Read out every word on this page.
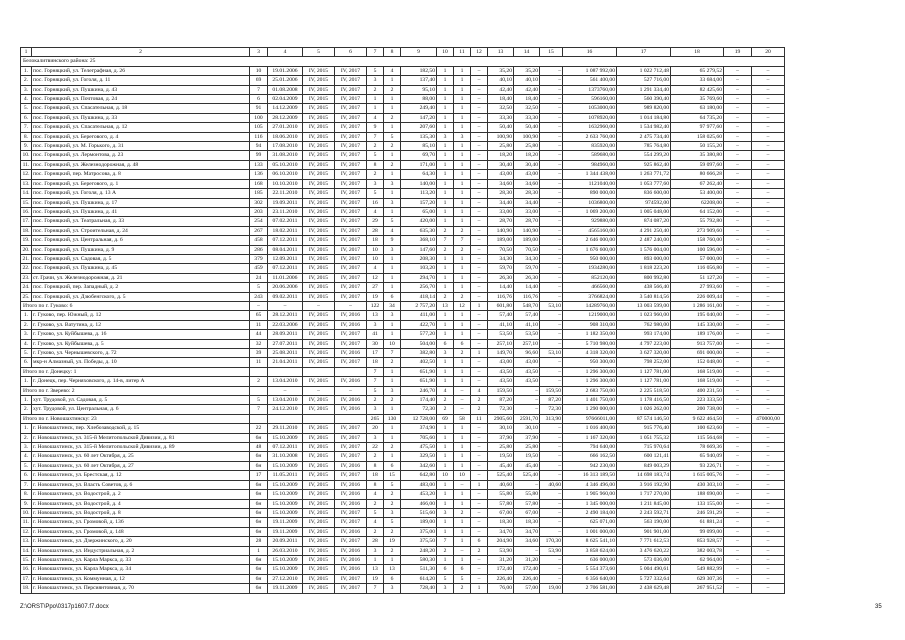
1	2	3	4	5	6	7	8	9	10	11	12	13	14	15	16	17	18	19	20
Белокалитвинского района: 25																			
1.	пос. Горняцкий, ул. Телеграфная, д. 26	10	19.01.2006	IV, 2015	IV, 2017	5	4	182,50	1	1	–	35,20	35,20	–	1 087 992,00	1 022 712,48	65 279,52	–	–
2.	пос. Горняцкий, ул. Гоголя, д. 11	69	25.01.2006	IV, 2015	IV, 2017	3	1	137,40	1	1	–	40,10	40,10	–	561 400,00	527 716,00	33 684,00	–	–
3.	пос. Горняцкий, ул. Пушкина, д. 43	7	01.08.2008	IV, 2015	IV, 2017	2	2	95,10	1	1	–	42,40	42,40	–	1373760,00	1 291 334,40	82 425,60	–	–
4.	пос. Горняцкий, ул. Почтовая, д. 24	6	02.04.2009	IV, 2015	IV, 2017	1	1	88,00	1	1	–	18,40	18,40	–	596160,00	560 390,40	35 769,60	–	–
5.	пос. Горняцкий, ул. Спасательная, д. 18	91	14.12.2009	IV, 2015	IV, 2017	1	1	249,40	1	1	–	32,50	32,50	–	1053000,00	989 820,00	63 180,00	–	–
6.	пос. Горняцкий, ул. Пушкина, д. 33	100	28.12.2009	IV, 2015	IV, 2017	4	2	147,20	1	1	–	33,30	33,30	–	1078920,00	1 014 184,80	64 735,20	–	–
7.	пос. Горняцкий, ул. Спасательная, д. 12	105	27.01.2010	IV, 2015	IV, 2017	9	1	207,60	1	1	–	50,40	50,40	–	1632960,00	1 534 982,40	97 977,60	–	–
8.	пос. Горняцкий, ул. Берегового, д. 4	116	18.06.2010	IV, 2015	IV, 2017	7	5	135,30	3	3	–	100,90	100,90	–	2 633 760,00	2 475 734,40	158 025,60	–	–
9.	пос. Горняцкий, ул. М. Горького, д. 31	94	17.08.2010	IV, 2015	IV, 2017	2	2	85,10	1	1	–	25,80	25,80	–	835920,00	785 764,80	50 155,20	–	–
10.	пос. Горняцкий, ул. Лермонтова, д. 23	99	31.08.2010	IV, 2015	IV, 2017	5	1	69,70	1	1	–	18,20	18,20	–	589680,00	554 299,20	35 380,80	–	–
11.	пос. Горняцкий, ул. Железнодорожная, д. 48	133	05.10.2010	IV, 2015	IV, 2017	8	2	171,00	1	1	–	30,40	30,40	–	984960,00	925 862,40	59 097,60	–	–
12.	пос. Горняцкий, пер. Матросова, д. 8	136	06.10.2010	IV, 2015	IV, 2017	2	1	64,30	1	1	–	43,00	43,00	–	1 344 438,00	1 263 771,72	80 666,28	–	–
13.	пос. Горняцкий, ул. Берегового, д. 1	168	10.10.2010	IV, 2015	IV, 2017	3	3	140,00	1	1	–	34,60	34,60	–	1121040,00	1 053 777,60	67 262,40	–	–
14.	пос. Горняцкий, ул. Гоголя, д. 13 А	185	22.11.2010	IV, 2015	IV, 2017	5	1	113,20	1	1	–	28,30	28,30	–	890 000,00	836 600,00	53 400,00	–	–
15.	пос. Горняцкий, ул. Пушкина, д. 17	302	19.09.2011	IV, 2015	IV, 2017	16	3	157,20	1	1	–	34,40	34,40	–	1036800,00	974592,00	62208,00	–	–
16.	пос. Горняцкий, ул. Пушкина, д. 41	203	23.11.2010	IV, 2015	IV, 2017	4	1	65,00	1	1	–	33,00	33,00	–	1 069 200,00	1 005 048,00	64 152,00	–	–
17.	пос. Горняцкий, ул. Театральная, д. 33	254	07.02.2011	IV, 2015	IV, 2017	29	5	420,00	1	1	–	28,70	28,70	–	929880,00	874 087,20	55 792,80	–	–
18.	пос. Горняцкий, ул. Строительная, д. 24	267	18.02.2011	IV, 2015	IV, 2017	28	4	635,30	2	2	–	140,90	140,90	–	4565160,00	4 291 250,40	273 909,60	–	–
19.	пос. Горняцкий, ул. Центральная, д. 6	458	07.12.2011	IV, 2015	IV, 2017	18	9	368,10	7	7	–	189,00	189,00	–	2 646 000,00	2 487 240,00	158 760,00	–	–
20.	пос. Горняцкий, ул. Пушкина, д. 9	286	08.04.2011	IV, 2015	IV, 2017	10	3	147,60	2	2	–	70,50	70,50	–	1 676 600,00	1 576 004,00	100 596,00	–	–
21.	пос. Горняцкий, ул. Садовая, д. 5	379	12.09.2011	IV, 2015	IV, 2017	10	1	208,30	1	1	–	34,30	34,30	–	950 000,00	893 000,00	57 000,00	–	–
22.	пос. Горняцкий, ул. Пушкина, д. 45	459	07.12.2011	IV, 2015	IV, 2017	4	1	103,20	1	1	–	59,70	59,70	–	1934280,00	1 818 223,20	116 056,80	–	–
23.	ст. Грачи, ул. Железнодорожная, д. 21	24	11.01.2006	IV, 2015	IV, 2017	12	1	294,70	1	1	–	26,30	26,30	–	852120,00	800 992,80	51 127,20	–	–
24.	пос. Горняцкий, пер. Западный, д. 2	5	20.06.2006	IV, 2015	IV, 2017	27	1	256,70	1	1	–	14,40	14,40	–	466560,00	438 566,40	27 993,60	–	–
25.	пос. Горняцкий, ул. Дзюбенгского, д. 5	243	09.02.2011	IV, 2015	IV, 2017	19	6	418,14	2	2	–	116,76	116,76	–	3766824,00	3 540 814,56	226 009,44	–	–
Итого по г. Гуково: 6		–	–	–	–	122	34	2 757,20	13	12	1	601,80	548,70	53,10	14289760,00	13 003 599,00	1 286 161,00	–	–
1.	г. Гуково, пер. Южный, д. 12	65	28.12.2011	IV, 2015	IV, 2016	13	3	411,00	1	1	–	57,40	57,40	–	1219000,00	1 023 960,00	195 040,00	–	–
2.	г. Гуково, ул. Ватутина, д. 12	11	22.03.2006	IV, 2015	IV, 2016	3	1	422,70	1	1	–	41,10	41,10	–	908 310,00	762 980,00	145 330,00	–	–
3.	г. Гуково, ул. Куйбышева, д. 16	44	28.09.2011	IV, 2015	IV, 2017	41	1	577,20	1	1	–	53,50	53,50	–	1 182 350,00	993 174,00	189 176,00	–	–
4.	г. Гуково, ул. Куйбышева, д. 5	32	27.07.2011	IV, 2015	IV, 2017	30	10	504,00	6	6	–	257,10	257,10	–	5 710 980,00	4 797 223,00	913 757,00	–	–
5.	г. Гуково, ул. Чернышевского, д. 72	39	25.08.2011	IV, 2015	IV, 2016	17	7	382,80	3	2	1	149,70	96,60	53,10	4 318 320,00	3 627 320,00	691 000,00	–	–
6.	мкр-н Алмазный, ул. Победы, д. 10	11	21.04.2011	IV, 2015	IV, 2017	18	2	402,50	1	1	–	43,00	43,00	–	950 300,00	798 252,00	152 048,00	–	–
Итого по г. Донецку: 1						7	1	651,90	1	1	–	43,50	43,50	–	1 296 300,00	1 127 781,00	168 519,00	–	–
1.	г. Донецк, пер. Черняховского, д. 14-в, литер А	2	13.04.2010	IV, 2015	IV, 2016	7	1	651,90	1	1	–	43,50	43,50	–	1 296 300,00	1 127 781,00	168 519,00	–	–
Итого по г. Зверево: 2			–	–	–	5	3	246,70	4	–	4	159,50	–	159,50	2 683 750,00	2 225 518,50	400 231,50	–	–
1.	хут. Трудовой, ул. Садовая, д. 5	5	13.04.2010	IV, 2015	IV, 2016	2	2	174,40	2	–	2	87,20	–	87,20	1 401 750,00	1 178 416,50	223 333,50	–	–
2.	хут. Трудовой, ул. Центральная, д. 6	7	24.12.2010	IV, 2015	IV, 2016	3	1	72,30	2	–	2	72,30	–	72,30	1 290 000,00	1 026 262,00	200 738,00	–	–
Итого по г. Новошахтинску: 23						265	130	12 728,00	69	58	11	2905,60	2591,70	313,90	97666011,00	87 574 146,50	9 622 464,50	–	470000,00
1.	г. Новошахтинск, пер. Хлебозаводской, д. 15	22	29.11.2010	IV, 2015	IV, 2017	20	1	374,90	1	1	–	30,10	30,10	–	1 016 400,00	915 776,40	100 623,60	–	–
2.	г. Новошахтинск, ул. 315-й Мелитопольской Дивизии, д. 81	6н	15.10.2009	IV, 2015	IV, 2017	3	1	705,60	1	1	–	37,90	37,90	–	1 167 320,00	1 051 755,32	115 564,68	–	–
3.	г. Новошахтинск, ул. 315-й Мелитопольской Дивизии, д. 89	48	07.12.2011	IV, 2015	IV, 2017	22	2	475,50	1	1	–	25,80	25,80	–	794 640,00	715 970,64	78 669,36	–	–
4.	г. Новошахтинск, ул. 60 лет Октября, д. 25	6н	31.10.2008	IV, 2015	IV, 2017	2	1	329,50	1	1	–	19,50	19,50	–	666 162,50	600 121,41	65 940,09	–	–
5.	г. Новошахтинск, ул. 60 лет Октября, д. 27	6н	15.10.2009	IV, 2015	IV, 2016	8	6	342,60	1	1	–	45,40	45,40	–	942 230,00	849 003,29	93 226,71	–	–
6.	г. Новошахтинск, ул. Брестская, д. 12	17	11.05.2011	IV, 2015	IV, 2017	18	15	642,80	10	10	–	525,40	525,40	–	16 313 189,50	14 698 183,74	1 615 005,76	–	–
7.	г. Новошахтинск, ул. Власть Советов, д. 6	6н	15.10.2009	IV, 2015	IV, 2016	8	5	483,00	1	–	1	40,60	–	40,60	4 346 496,00	3 916 192,90	430 303,10	–	–
8.	г. Новошахтинск, ул. Водострой, д. 2	6н	15.10.2009	IV, 2015	IV, 2016	4	2	453,20	1	1	–	55,80	55,80	–	1 905 960,00	1 717 270,00	188 690,00	–	–
9.	г. Новошахтинск, ул. Водострой, д. 4	6н	15.10.2009	IV, 2015	IV, 2016	2	2	466,00	1	1	–	57,80	57,80	–	1 345 000,00	1 211 845,00	133 155,00	–	–
10.	г. Новошахтинск, ул. Водострой, д. 8	6н	15.10.2009	IV, 2015	IV, 2017	5	3	515,60	3	2	–	67,00	67,00	–	2 490 184,00	2 243 592,71	246 591,29	–	–
11.	г. Новошахтинск, ул. Громовой, д. 136	6н	19.11.2009	IV, 2015	IV, 2017	4	5	189,00	1	1	–	18,30	18,30	–	625 071,00	563 190,00	61 881,24	–	–
12.	г. Новошахтинск, ул. Громовой, д. 148	6н	19.11.2009	IV, 2015	IV, 2016	2	2	375,00	1	1	–	34,70	34,70	–	1 001 000,00	901 901,00	99 099,00	–	–
13.	г. Новошахтинск, ул. Дзержинского, д. 20	28	20.09.2011	IV, 2015	IV, 2017	28	19	375,50	7	1	6	204,90	34,60	170,30	8 625 541,10	7 771 612,53	853 928,57	–	–
14.	г. Новошахтинск, ул. Индустриальная, д. 2	1	26.03.2010	IV, 2015	IV, 2016	3	2	248,20	2	–	2	53,90	–	53,90	3 858 624,00	3 476 620,22	382 003,78	–	–
15.	г. Новошахтинск, ул. Карла Маркса, д. 33	6н	15.10.2009	IV, 2015	IV, 2016	1	1	580,30	1	1	–	31,20	31,20	–	636 000,00	573 036,00	62 964,00	–	–
16.	г. Новошахтинск, ул. Карла Маркса, д. 34	6н	15.10.2009	IV, 2015	IV, 2016	13	13	511,30	6	6	–	172,40	172,40	–	5 554 373,60	5 004 490,61	549 882,99	–	–
17.	г. Новошахтинск, ул. Коммунная, д. 12	6н	27.12.2010	IV, 2015	IV, 2017	19	6	614,20	5	5	–	226,40	226,40	–	6 356 640,00	5 727 332,64	629 307,36	–	–
18.	г. Новошахтинск, ул. Персиянтовная, д. 70	6н	19.11.2009	IV, 2015	IV, 2017	7	3	728,40	3	2	1	76,00	57,00	19,00	2 706 581,00	2 438 629,48	267 951,52	–	–
Z:\ORST\Ppo\0317p1607.f7.docx	35
